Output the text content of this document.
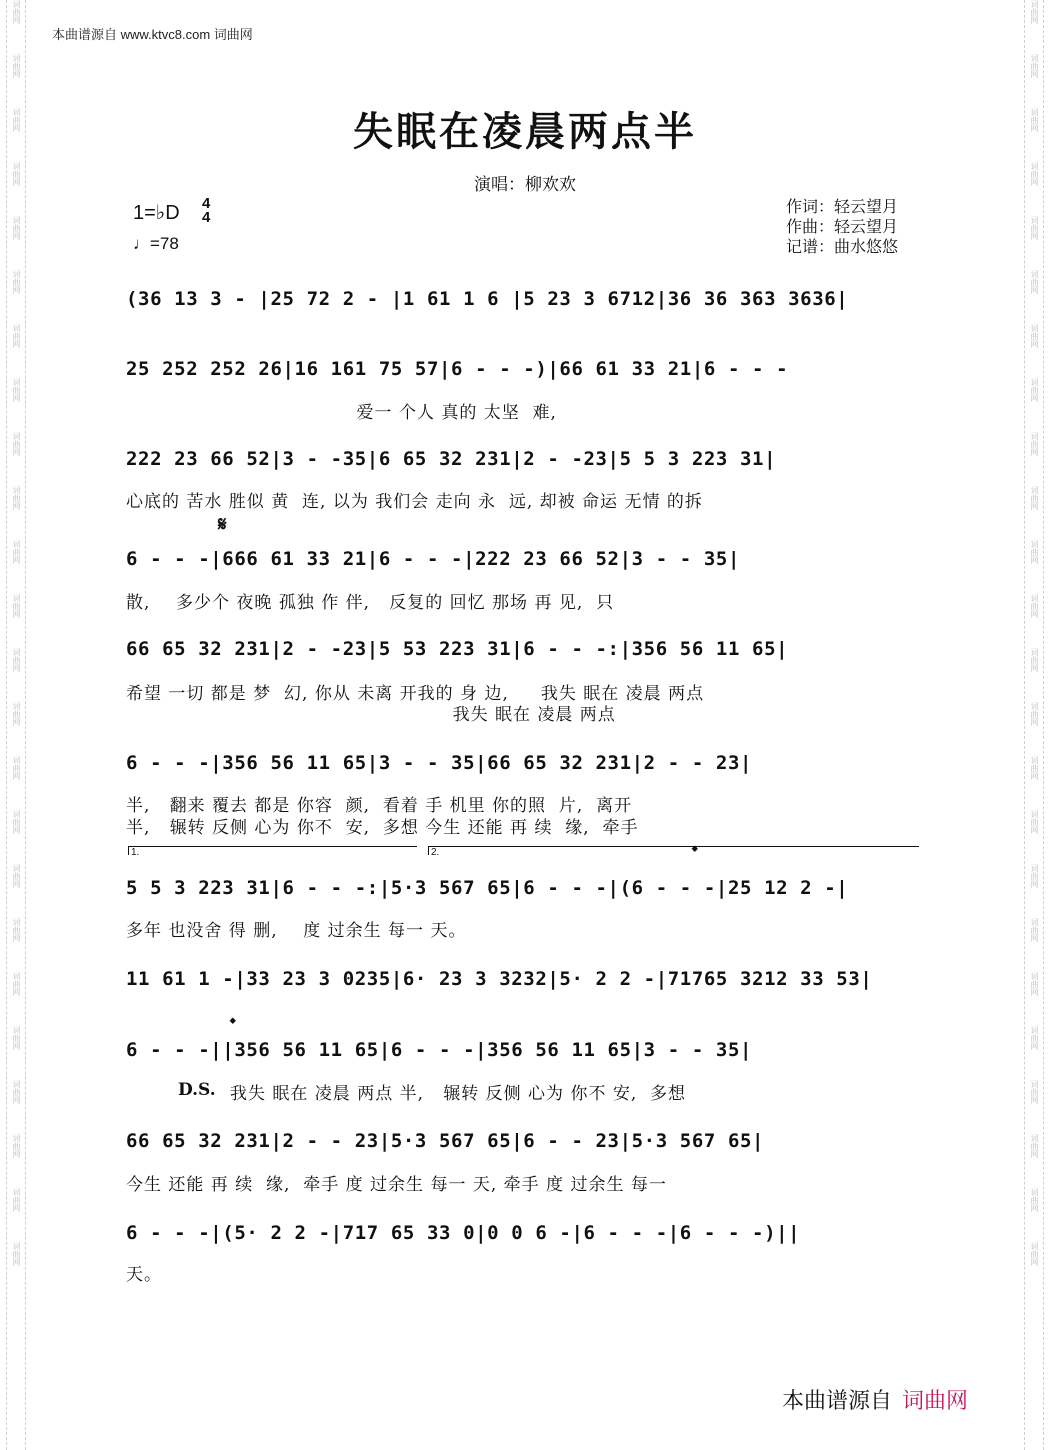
本曲谱源自 www.ktvc8.com 词曲网
词曲网
词曲网
词曲网
词曲网
词曲网
词曲网
词曲网
词曲网
词曲网
词曲网
词曲网
词曲网
词曲网
词曲网
词曲网
词曲网
词曲网
词曲网
词曲网
词曲网
词曲网
词曲网
词曲网
词曲网
词曲网
词曲网
词曲网
词曲网
词曲网
词曲网
词曲网
词曲网
词曲网
词曲网
词曲网
词曲网
词曲网
词曲网
词曲网
词曲网
词曲网
词曲网
词曲网
词曲网
词曲网
词曲网
词曲网
词曲网
失眠在凌晨两点半
演唱：柳欢欢
1=♭D 4
4
♩=78
作词：轻云望月
作曲：轻云望月
记谱：曲水悠悠
(36 13 3 - |25 72 2 - |1 61 1 6 |5 23 3 6712|36 36 363 3636|
25 252 252 26|16 161 75 57|6 - - -)|66 61 33 21|6 - - -
爱一 个人 真的 太坚  难,
222 23 66 52|3 - -35|6 65 32 231|2 - -23|5 5 3 223 31|
心底的 苦水 胜似 黄  连, 以为 我们会 走向 永  远, 却被 命运 无情 的拆
𝄋
6 - - -|666 61 33 21|6 - - -|222 23 66 52|3 - - 35|
散,    多少个 夜晚 孤独 作 伴,   反复的 回忆 那场 再 见,  只
66 65 32 231|2 - -23|5 53 223 31|6 - - -:|356 56 11 65|
希望 一切 都是 梦  幻, 你从 未离 开我的 身 边,     我失 眠在 凌晨 两点
我失 眠在 凌晨 两点
6 - - -|356 56 11 65|3 - - 35|66 65 32 231|2 - - 23|
半,   翻来 覆去 都是 你容  颜,  看着 手 机里 你的照  片,  离开
半,   辗转 反侧 心为 你不  安,  多想 今生 还能 再 续  缘,  牵手
1.	2.	𝄌
5 5 3 223 31|6 - - -:|5·3 567 65|6 - - -|(6 - - -|25 12 2 -|
多年 也没舍 得 删,    度 过余生 每一 天。
11 61 1 -|33 23 3 0235|6· 23 3 3232|5· 2 2 -|71765 3212 33 53|
𝄌
6 - - -||356 56 11 65|6 - - -|356 56 11 65|3 - - 35|
D.S. 我失 眠在 凌晨 两点 半,   辗转 反侧 心为 你不 安,  多想
66 65 32 231|2 - - 23|5·3 567 65|6 - - 23|5·3 567 65|
今生 还能 再 续  缘,  牵手 度 过余生 每一 天, 牵手 度 过余生 每一
6 - - -|(5· 2 2 -|717 65 33 0|0 0 6 -|6 - - -|6 - - -)||
天。
本曲谱源自 词曲网
